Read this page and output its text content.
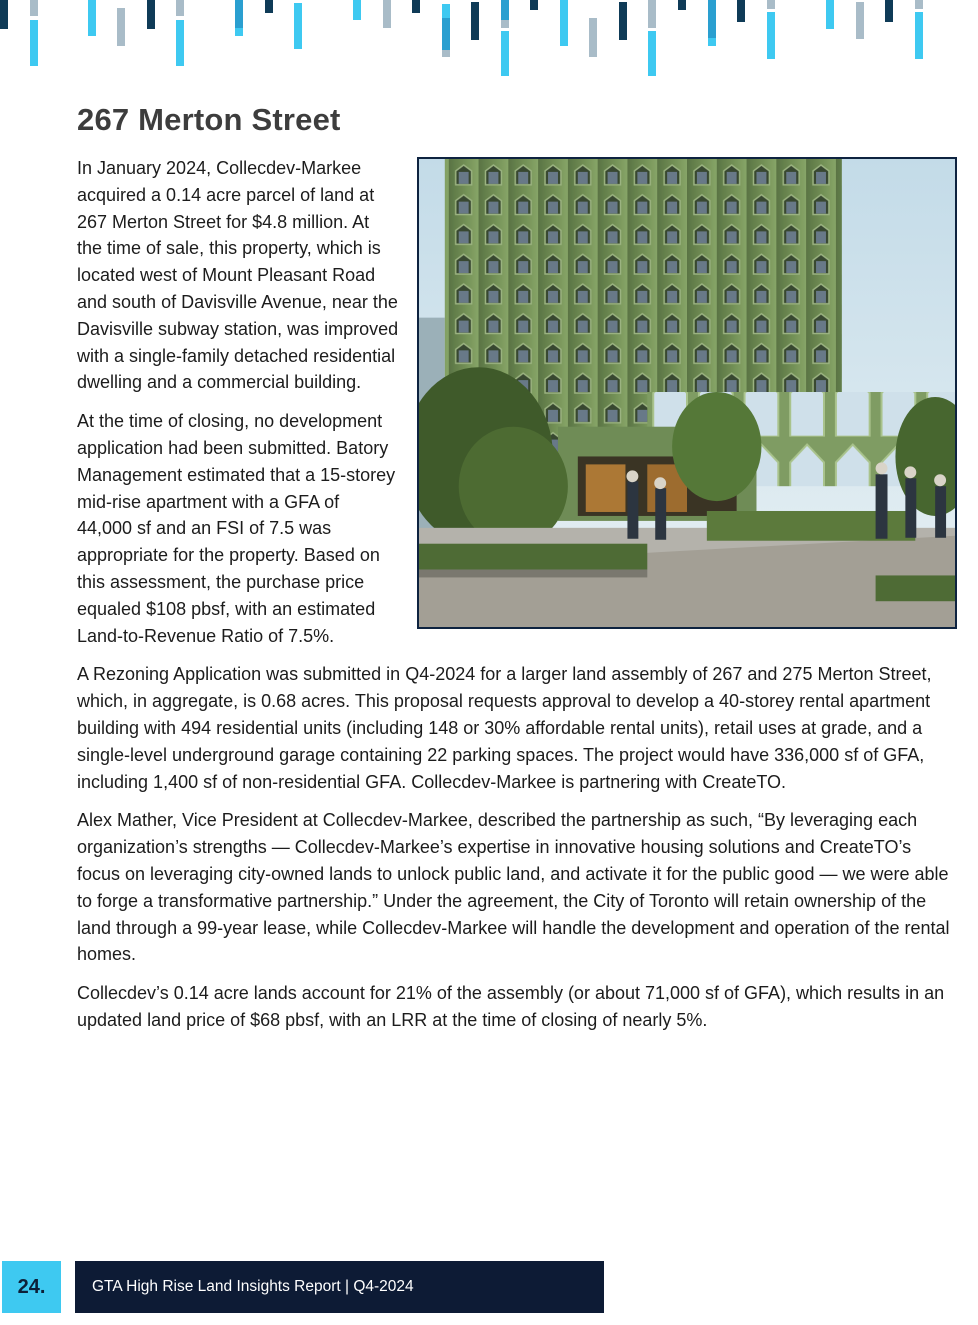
267 Merton Street

In January 2024, Collecdev-Markee acquired a 0.14 acre parcel of land at 267 Merton Street for $4.8 million. At the time of sale, this property, which is located west of Mount Pleasant Road and south of Davisville Avenue, near the Davisville subway station, was improved with a single-family detached residential dwelling and a commercial building.

At the time of closing, no development application had been submitted. Batory Management estimated that a 15-storey mid-rise apartment with a GFA of 44,000 sf and an FSI of 7.5 was appropriate for the property. Based on this assessment, the purchase price equaled $108 pbsf, with an estimated Land-to-Revenue Ratio of 7.5%.

A Rezoning Application was submitted in Q4-2024 for a larger land assembly of 267 and 275 Merton Street, which, in aggregate, is 0.68 acres. This proposal requests approval to develop a 40-storey rental apartment building with 494 residential units (including 148 or 30% affordable rental units), retail uses at grade, and a single-level underground garage containing 22 parking spaces. The project would have 336,000 sf of GFA, including 1,400 sf of non-residential GFA. Collecdev-Markee is partnering with CreateTO.

Alex Mather, Vice President at Collecdev-Markee, described the partnership as such, “By leveraging each organization’s strengths — Collecdev-Markee’s expertise in innovative housing solutions and CreateTO’s focus on leveraging city-owned lands to unlock public land, and activate it for the public good — we were able to forge a transformative partnership.” Under the agreement, the City of Toronto will retain ownership of the land through a 99-year lease, while Collecdev-Markee will handle the development and operation of the rental homes.

Collecdev’s 0.14 acre lands account for 21% of the assembly (or about 71,000 sf of GFA), which results in an updated land price of $68 pbsf, with an LRR at the time of closing of nearly 5%.

24.	GTA High Rise Land Insights Report | Q4-2024
